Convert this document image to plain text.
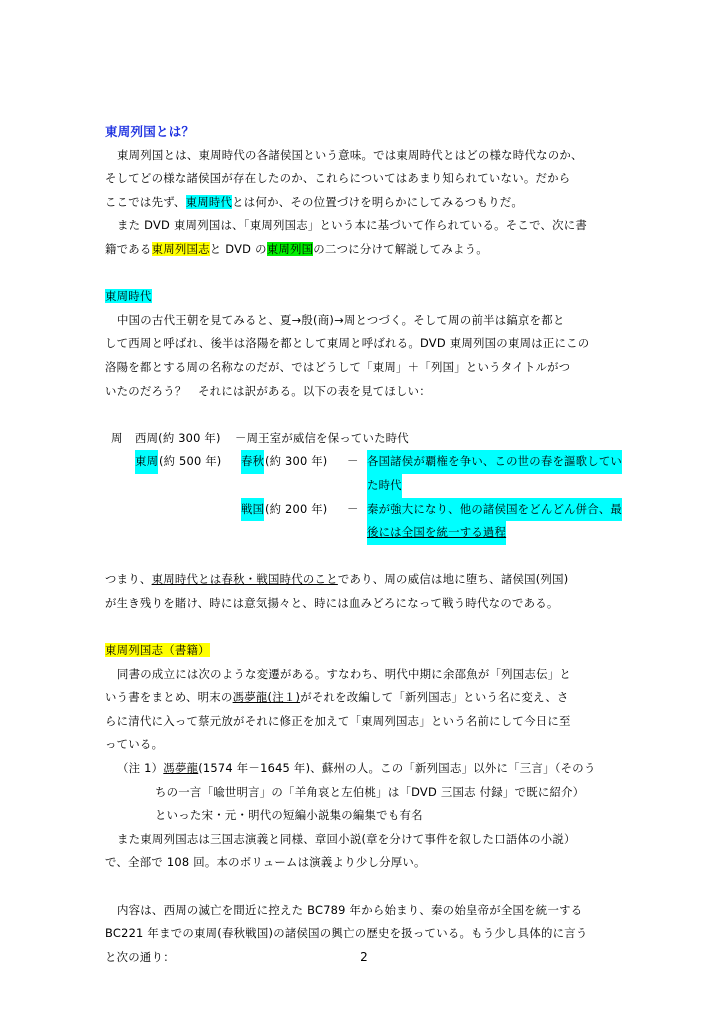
東周列国とは？
東周列国とは、東周時代の各諸侯国という意味。では東周時代とはどの様な時代なのか、
そしてどの様な諸侯国が存在したのか、これらについてはあまり知られていない。だから
ここでは先ず、東周時代とは何か、その位置づけを明らかにしてみるつもりだ。
また DVD 東周列国は、「東周列国志」という本に基づいて作られている。そこで、次に書
籍である東周列国志と DVD の東周列国の二つに分けて解説してみよう。
東周時代
中国の古代王朝を見てみると、夏→殷(商)→周とつづく。そして周の前半は鎬京を都と
して西周と呼ばれ、後半は洛陽を都として東周と呼ばれる。DVD 東周列国の東周は正にこの
洛陽を都とする周の名称なのだが、ではどうして「東周」＋「列国」というタイトルがつ
いたのだろう？　それには訳がある。以下の表を見てほしい：
周 西周(約 300 年) －周王室が威信を保っていた時代
東周 (約 500 年) 春秋 (約 300 年) － 各国諸侯が覇権を争い、この世の春を謳歌してい
た時代
戦国 (約 200 年) － 秦が強大になり、他の諸侯国をどんどん併合、最
後には全国を統一する過程
つまり、東周時代とは春秋・戦国時代のことであり、周の威信は地に堕ち、諸侯国(列国)
が生き残りを賭け、時には意気揚々と、時には血みどろになって戦う時代なのである。
東周列国志（書籍）
同書の成立には次のような変遷がある。すなわち、明代中期に余邵魚が「列国志伝」と
いう書をまとめ、明末の馮夢龍(注１)がそれを改編して「新列国志」という名に変え、さ
らに清代に入って蔡元放がそれに修正を加えて「東周列国志」という名前にして今日に至
っている。
（注 1）馮夢龍(1574 年－1645 年)、蘇州の人。この「新列国志」以外に「三言」（そのう
ちの一言「喩世明言」の「羊角哀と左伯桃」は「DVD 三国志 付録」で既に紹介）
といった宋・元・明代の短編小説集の編集でも有名
また東周列国志は三国志演義と同様、章回小説(章を分けて事件を叙した口語体の小説）
で、全部で 108 回。本のボリュームは演義より少し分厚い。
内容は、西周の滅亡を間近に控えた BC789 年から始まり、秦の始皇帝が全国を統一する
BC221 年までの東周(春秋戦国)の諸侯国の興亡の歴史を扱っている。もう少し具体的に言う
と次の通り：	2
